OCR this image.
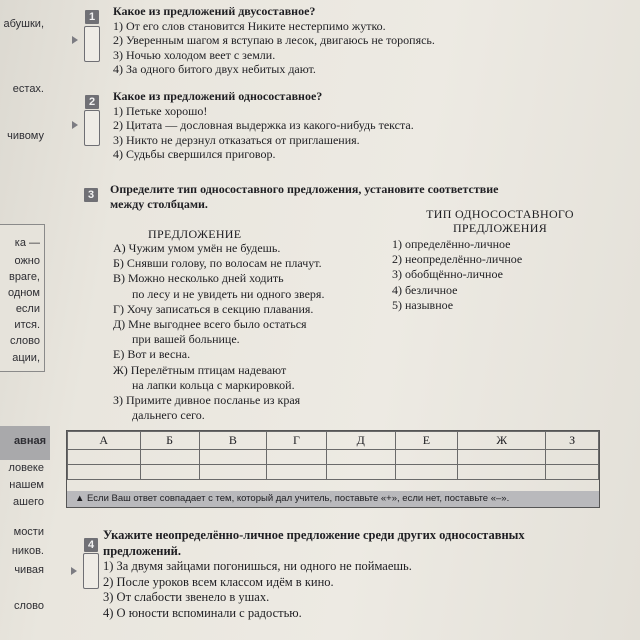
абушки,
естах.
чивому
ка —
ожно
враге,
одном
если
ится.
слово
ации,
авная
ловеке
нашем
ашего
мости
ников.
чивая
слово
1	Какое из предложений двусоставное?
1) От его слов становится Никите нестерпимо жутко.
2) Уверенным шагом я вступаю в лесок, двигаюсь не торопясь.
3) Ночью холодом веет с земли.
4) За одного битого двух небитых дают.
2	Какое из предложений односоставное?
1) Петьке хорошо!
2) Цитата — дословная выдержка из какого-нибудь текста.
3) Никто не дерзнул отказаться от приглашения.
4) Судьбы свершился приговор.
3	Определите тип односоставного предложения, установите соответствие
между столбцами.
ПРЕДЛОЖЕНИЕ
ТИП ОДНОСОСТАВНОГО
ПРЕДЛОЖЕНИЯ
А) Чужим умом умён не будешь.
Б) Снявши голову, по волосам не плачут.
В) Можно несколько дней ходить
по лесу и не увидеть ни одного зверя.
Г) Хочу записаться в секцию плавания.
Д) Мне выгоднее всего было остаться
при вашей больнице.
Е) Вот и весна.
Ж) Перелётным птицам надевают
на лапки кольца с маркировкой.
З) Примите дивное посланье из края
дальнего сего.
1) определённо-личное
2) неопределённо-личное
3) обобщённо-личное
4) безличное
5) назывное
А	Б	В	Г	Д	Е	Ж	З

▲ Если Ваш ответ совпадает с тем, который дал учитель, поставьте «+», если нет, поставьте «–».
4
Укажите неопределённо-личное предложение среди других односоставных
предложений.
1) За двумя зайцами погонишься, ни одного не поймаешь.
2) После уроков всем классом идём в кино.
3) От слабости звенело в ушах.
4) О юности вспоминали с радостью.
